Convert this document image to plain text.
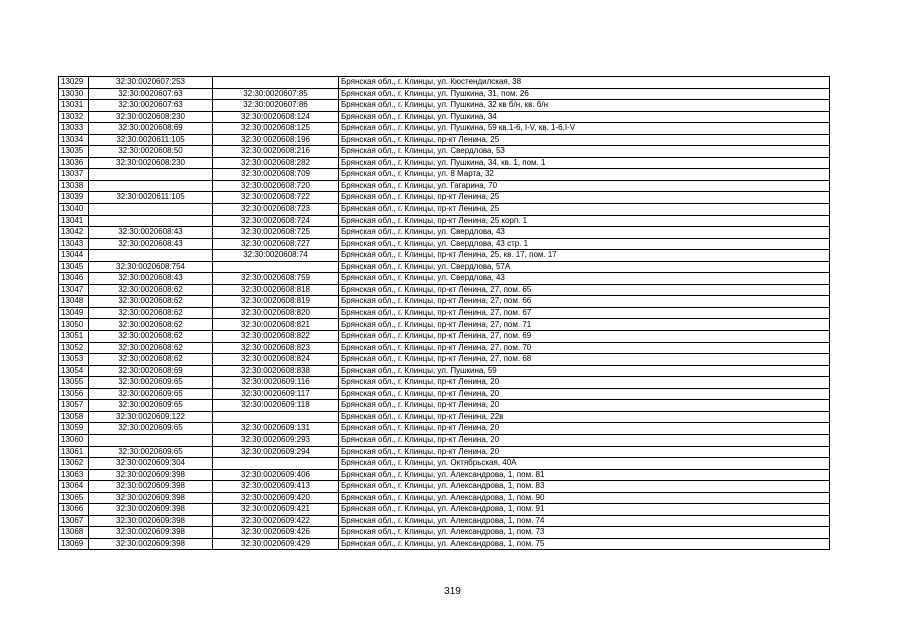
13029	32:30:0020607:253		Брянская обл., г. Клинцы, ул. Кюстендилская, 38
13030	32:30:0020607:63	32:30:0020607:85	Брянская обл., г. Клинцы, ул. Пушкина, 31, пом. 26
13031	32:30:0020607:63	32:30:0020607:86	Брянская обл., г. Клинцы, ул. Пушкина, 32 кв б/н, кв. б/н
13032	32:30:0020608:230	32:30:0020608:124	Брянская обл., г. Клинцы, ул. Пушкина, 34
13033	32:30:0020608:69	32:30:0020608:125	Брянская обл., г. Клинцы, ул. Пушкина, 59 кв.1-6, I-V, кв. 1-6,I-V
13034	32:30:0020611:105	32:30:0020608:196	Брянская обл., г. Клинцы, пр-кт Ленина, 25
13035	32:30:0020608:50	32:30:0020608:216	Брянская обл., г. Клинцы, ул. Свердлова, 53
13036	32:30:0020608:230	32:30:0020608:282	Брянская обл., г. Клинцы, ул. Пушкина, 34, кв. 1, пом. 1
13037		32:30:0020608:709	Брянская обл., г. Клинцы, ул. 8 Марта, 32
13038		32:30:0020608:720	Брянская обл., г. Клинцы, ул. Гагарина, 70
13039	32:30:0020611:105	32:30:0020608:722	Брянская обл., г. Клинцы, пр-кт Ленина, 25
13040		32:30:0020608:723	Брянская обл., г. Клинцы, пр-кт Ленина, 25
13041		32:30:0020608:724	Брянская обл., г. Клинцы, пр-кт Ленина, 25 корп. 1
13042	32:30:0020608:43	32:30:0020608:725	Брянская обл., г. Клинцы, ул. Свердлова, 43
13043	32:30:0020608:43	32:30:0020608:727	Брянская обл., г. Клинцы, ул. Свердлова, 43 стр. 1
13044		32:30:0020608:74	Брянская обл., г. Клинцы, пр-кт Ленина, 25, кв. 17, пом. 17
13045	32:30:0020608:754		Брянская обл., г. Клинцы, ул. Свердлова, 57А
13046	32:30:0020608:43	32:30:0020608:759	Брянская обл., г. Клинцы, ул. Свердлова, 43
13047	32:30:0020608:62	32:30:0020608:818	Брянская обл., г. Клинцы, пр-кт Ленина, 27, пом. 65
13048	32:30:0020608:62	32:30:0020608:819	Брянская обл., г. Клинцы, пр-кт Ленина, 27, пом. 66
13049	32:30:0020608:62	32:30:0020608:820	Брянская обл., г. Клинцы, пр-кт Ленина, 27, пом. 67
13050	32:30:0020608:62	32:30:0020608:821	Брянская обл., г. Клинцы, пр-кт Ленина, 27, пом. 71
13051	32:30:0020608:62	32:30:0020608:822	Брянская обл., г. Клинцы, пр-кт Ленина, 27, пом. 69
13052	32:30:0020608:62	32:30:0020608:823	Брянская обл., г. Клинцы, пр-кт Ленина, 27, пом. 70
13053	32:30:0020608:62	32:30:0020608:824	Брянская обл., г. Клинцы, пр-кт Ленина, 27, пом. 68
13054	32:30:0020608:69	32:30:0020608:838	Брянская обл., г. Клинцы, ул. Пушкина, 59
13055	32:30:0020609:65	32:30:0020609:116	Брянская обл., г. Клинцы, пр-кт Ленина, 20
13056	32:30:0020609:65	32:30:0020609:117	Брянская обл., г. Клинцы, пр-кт Ленина, 20
13057	32:30:0020609:65	32:30:0020609:118	Брянская обл., г. Клинцы, пр-кт Ленина, 20
13058	32:30:0020609:122		Брянская обл., г. Клинцы, пр-кт Ленина, 22в
13059	32:30:0020609:65	32:30:0020609:131	Брянская обл., г. Клинцы, пр-кт Ленина, 20
13060		32:30:0020609:293	Брянская обл., г. Клинцы, пр-кт Ленина, 20
13061	32:30:0020609:65	32:30:0020609:294	Брянская обл., г. Клинцы, пр-кт Ленина, 20
13062	32:30:0020609:304		Брянская обл., г. Клинцы, ул. Октябрьская, 40А
13063	32:30:0020609:398	32:30:0020609:406	Брянская обл., г. Клинцы, ул. Александрова, 1, пом. 81
13064	32:30:0020609:398	32:30:0020609:413	Брянская обл., г. Клинцы, ул. Александрова, 1, пом. 83
13065	32:30:0020609:398	32:30:0020609:420	Брянская обл., г. Клинцы, ул. Александрова, 1, пом. 90
13066	32:30:0020609:398	32:30:0020609:421	Брянская обл., г. Клинцы, ул. Александрова, 1, пом. 91
13067	32:30:0020609:398	32:30:0020609:422	Брянская обл., г. Клинцы, ул. Александрова, 1, пом. 74
13068	32:30:0020609:398	32:30:0020609:426	Брянская обл., г. Клинцы, ул. Александрова, 1, пом. 73
13069	32:30:0020609:398	32:30:0020609:429	Брянская обл., г. Клинцы, ул. Александрова, 1, пом. 75
319
